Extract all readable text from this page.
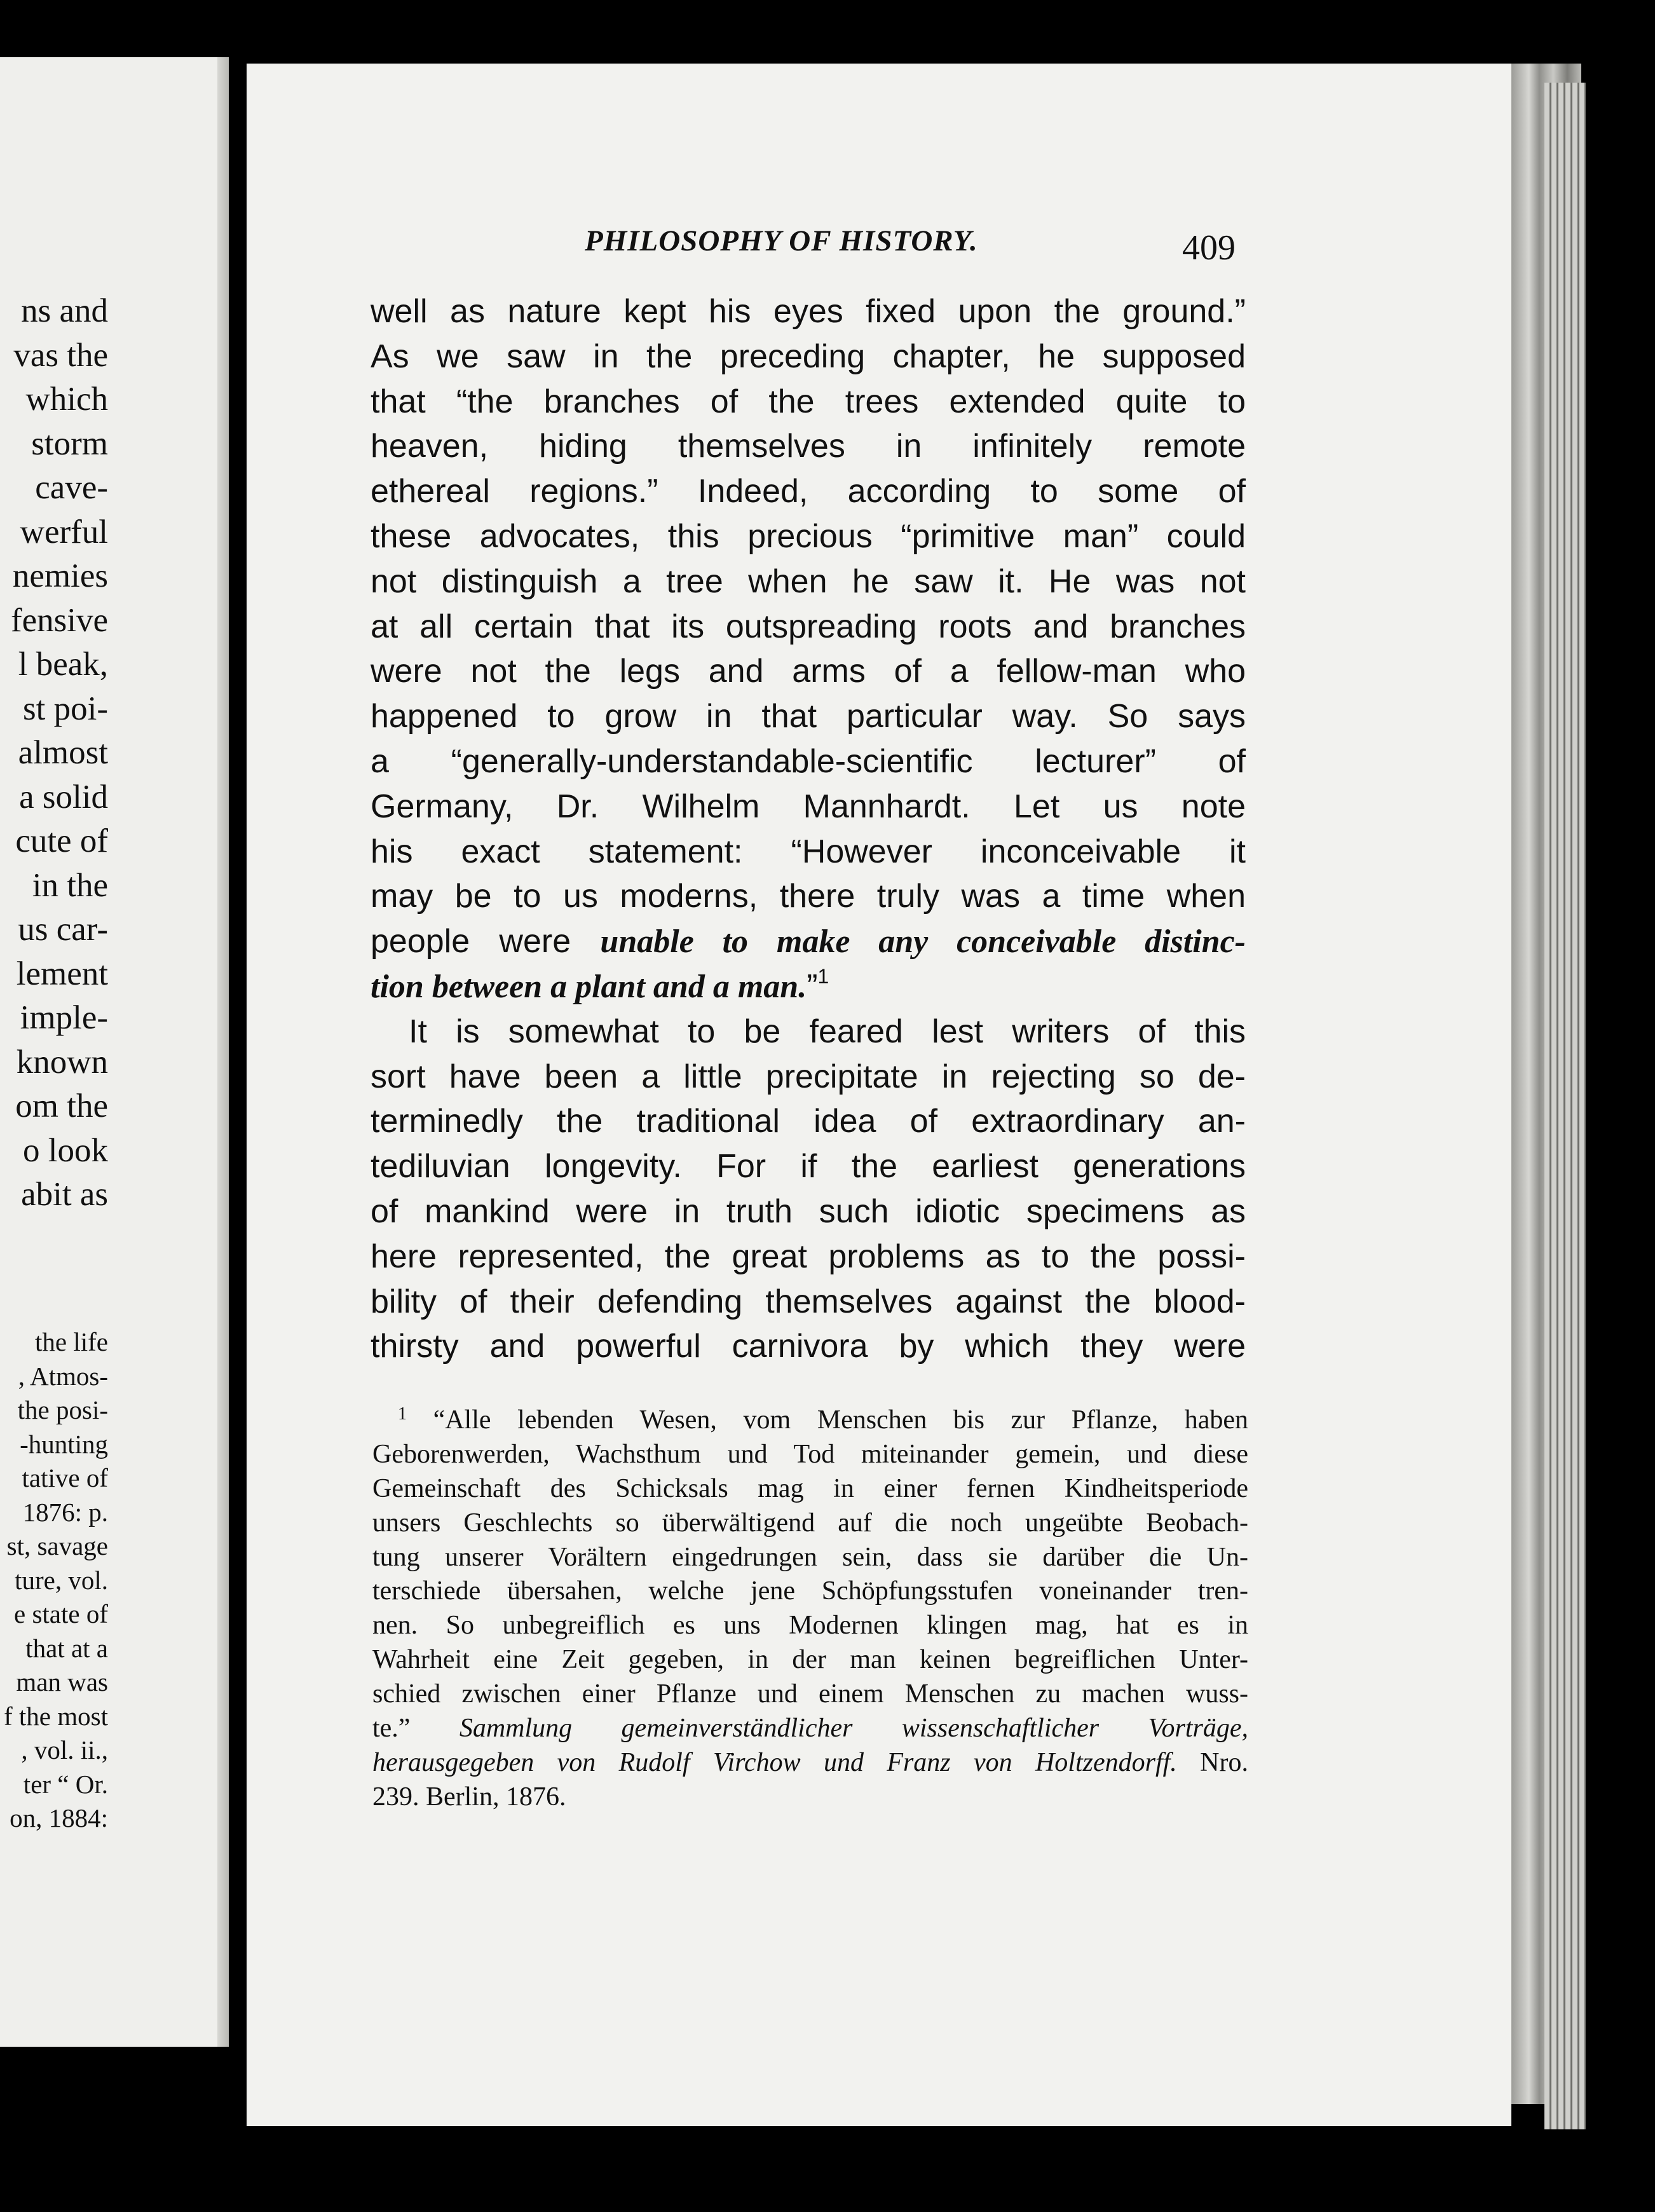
ns and
vas the
which
storm
cave-
werful
nemies
fensive
l beak,
st poi-
almost
a solid
cute of
in the
us car-
lement
imple-
known
om the
o look
abit as
the life
, Atmos-
the posi-
-hunting
tative of
1876: p.
st, savage
ture, vol.
e state of
that at a
man was
f the most
, vol. ii.,
ter “ Or.
on, 1884:
PHILOSOPHY OF HISTORY.	409
well as nature kept his eyes fixed upon the ground.”
As we saw in the preceding chapter, he supposed
that “the branches of the trees extended quite to
heaven, hiding themselves in infinitely remote
ethereal regions.” Indeed, according to some of
these advocates, this precious “primitive man” could
not distinguish a tree when he saw it. He was not
at all certain that its outspreading roots and branches
were not the legs and arms of a fellow-man who
happened to grow in that particular way. So says
a “generally-understandable-scientific lecturer” of
Germany, Dr. Wilhelm Mannhardt. Let us note
his exact statement: “However inconceivable it
may be to us moderns, there truly was a time when
people were unable to make any conceivable distinc-
tion between a plant and a man.”$^1$
It is somewhat to be feared lest writers of this
sort have been a little precipitate in rejecting so de-
terminedly the traditional idea of extraordinary an-
tediluvian longevity. For if the earliest generations
of mankind were in truth such idiotic specimens as
here represented, the great problems as to the possi-
bility of their defending themselves against the blood-
thirsty and powerful carnivora by which they were
$^1$ “Alle lebenden Wesen, vom Menschen bis zur Pflanze, haben
Geborenwerden, Wachsthum und Tod miteinander gemein, und diese
Gemeinschaft des Schicksals mag in einer fernen Kindheitsperiode
unsers Geschlechts so überwältigend auf die noch ungeübte Beobach-
tung unserer Vorältern eingedrungen sein, dass sie darüber die Un-
terschiede übersahen, welche jene Schöpfungsstufen voneinander tren-
nen. So unbegreiflich es uns Modernen klingen mag, hat es in
Wahrheit eine Zeit gegeben, in der man keinen begreiflichen Unter-
schied zwischen einer Pflanze und einem Menschen zu machen wuss-
te.” Sammlung gemeinverständlicher wissenschaftlicher Vorträge,
herausgegeben von Rudolf Virchow und Franz von Holtzendorff. Nro.
239. Berlin, 1876.
